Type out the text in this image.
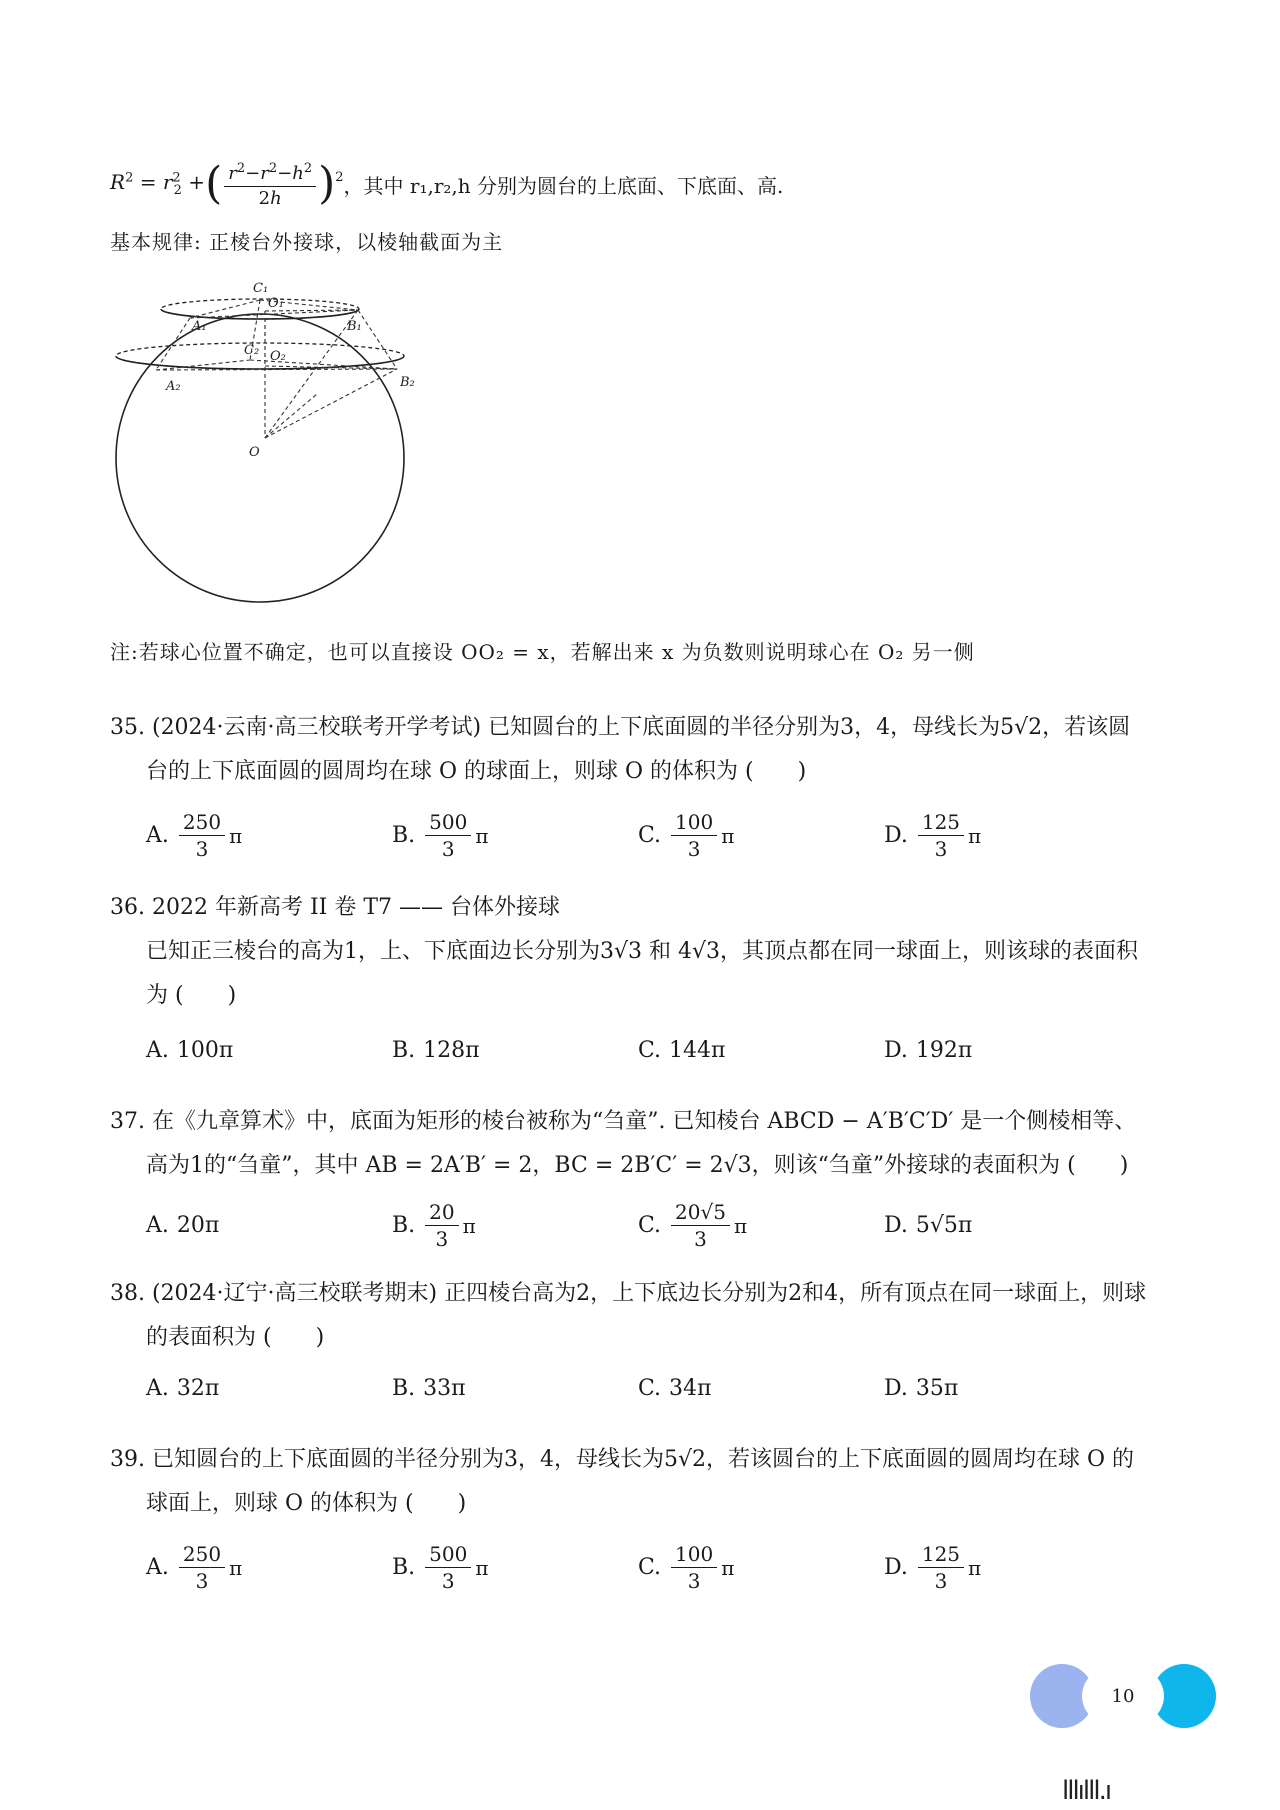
$R^2 = r^2_2$ + ( $\frac{r^2-r^2-h^2}{2h}$ ) 2 ，其中 r₁,r₂,h 分别为圆台的上底面、下底面、高.
基本规律: 正棱台外接球，以棱轴截面为主
C₁
O₁
A₁	B₁
C₂ O₂
A₂	B₂
O
注:若球心位置不确定，也可以直接设 OO₂ = x，若解出来 x 为负数则说明球心在 O₂ 另一侧
35. (2024·云南·高三校联考开学考试) 已知圆台的上下底面圆的半径分别为3，4，母线长为5√2，若该圆
台的上下底面圆的圆周均在球 O 的球面上，则球 O 的体积为 (　　)
A. $\frac{250}{3}$ π	B. $\frac{500}{3}$ π	C. $\frac{100}{3}$ π	D. $\frac{125}{3}$ π
36. 2022 年新高考 II 卷 T7 —— 台体外接球
已知正三棱台的高为1，上、下底面边长分别为3√3 和 4√3，其顶点都在同一球面上，则该球的表面积
为 (　　)
A. 100π	B. 128π	C. 144π	D. 192π
37. 在《九章算术》中，底面为矩形的棱台被称为“刍童”. 已知棱台 ABCD − A′B′C′D′ 是一个侧棱相等、
高为1的“刍童”，其中 AB = 2A′B′ = 2，BC = 2B′C′ = 2√3，则该“刍童”外接球的表面积为 (　　)
A. 20π	B. $\frac{20}{3}$ π	C. $\frac{20√5}{3}$ π	D. 5√5π
38. (2024·辽宁·高三校联考期末) 正四棱台高为2，上下底边长分别为2和4，所有顶点在同一球面上，则球
的表面积为 (　　)
A. 32π	B. 33π	C. 34π	D. 35π
39. 已知圆台的上下底面圆的半径分别为3，4，母线长为5√2，若该圆台的上下底面圆的圆周均在球 O 的
球面上，则球 O 的体积为 (　　)
A. $\frac{250}{3}$ π	B. $\frac{500}{3}$ π	C. $\frac{100}{3}$ π	D. $\frac{125}{3}$ π
10
lllılll.ı
